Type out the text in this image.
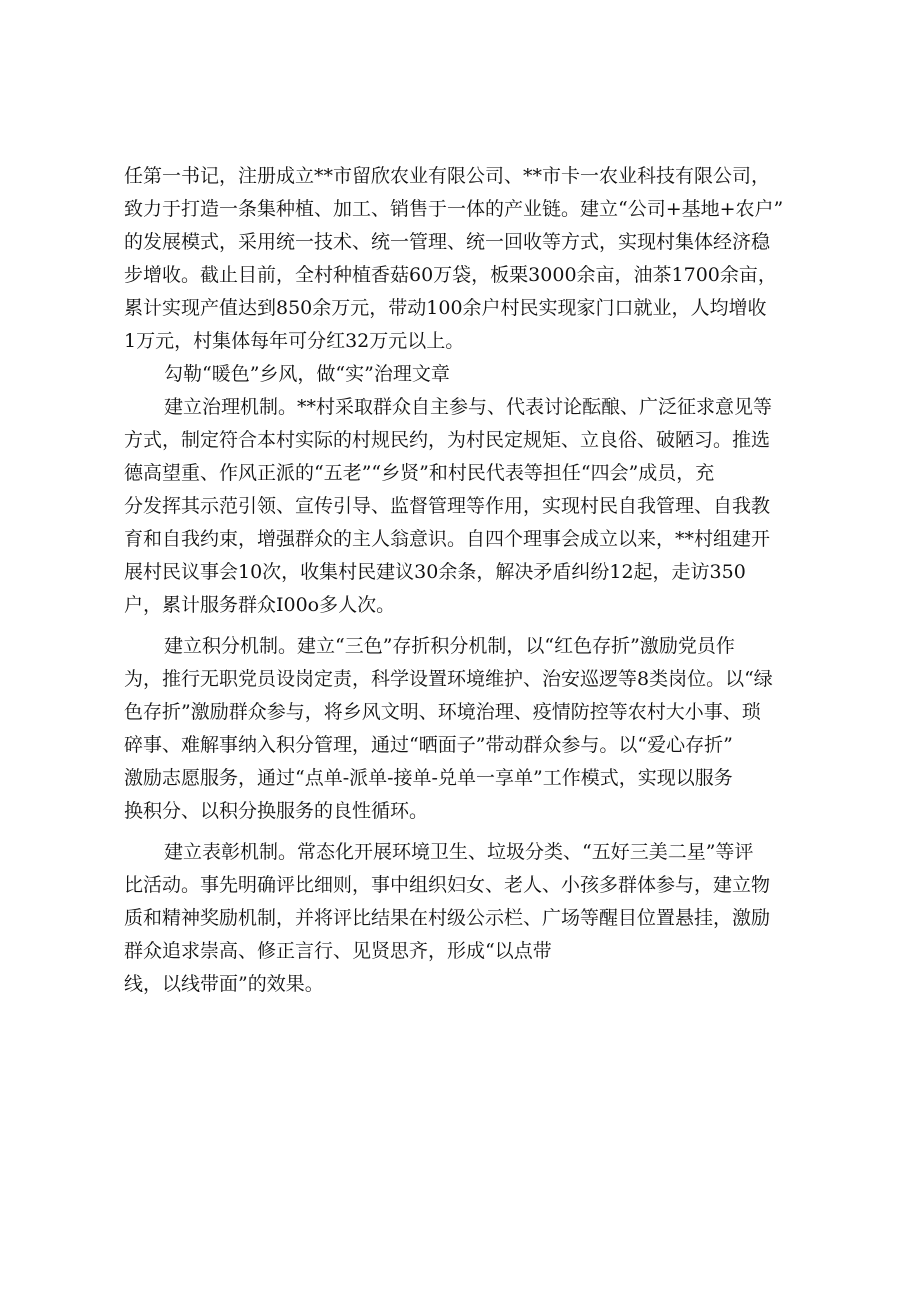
任第一书记，注册成立**市留欣农业有限公司、**市卡一农业科技有限公司，
致力于打造一条集种植、加工、销售于一体的产业链。建立“公司+基地+农户”
的发展模式，采用统一技术、统一管理、统一回收等方式，实现村集体经济稳
步增收。截止目前，全村种植香菇60万袋，板栗3000余亩，油茶1700余亩，
累计实现产值达到850余万元，带动100余户村民实现家门口就业，人均增收
1万元，村集体每年可分红32万元以上。
勾勒“暖色”乡风，做“实”治理文章
建立治理机制。**村采取群众自主参与、代表讨论酝酿、广泛征求意见等
方式，制定符合本村实际的村规民约，为村民定规矩、立良俗、破陋习。推选
德高望重、作风正派的“五老”“乡贤”和村民代表等担任“四会”成员，充
分发挥其示范引领、宣传引导、监督管理等作用，实现村民自我管理、自我教
育和自我约束，增强群众的主人翁意识。自四个理事会成立以来，**村组建开
展村民议事会10次，收集村民建议30余条，解决矛盾纠纷12起，走访350
户，累计服务群众I00o多人次。
建立积分机制。建立“三色”存折积分机制，以“红色存折”激励党员作
为，推行无职党员设岗定责，科学设置环境维护、治安巡逻等8类岗位。以“绿
色存折”激励群众参与，将乡风文明、环境治理、疫情防控等农村大小事、琐
碎事、难解事纳入积分管理，通过“晒面子”带动群众参与。以“爱心存折”
激励志愿服务，通过“点单-派单-接单-兑单一享单”工作模式，实现以服务
换积分、以积分换服务的良性循环。
建立表彰机制。常态化开展环境卫生、垃圾分类、“五好三美二星”等评
比活动。事先明确评比细则，事中组织妇女、老人、小孩多群体参与，建立物
质和精神奖励机制，并将评比结果在村级公示栏、广场等醒目位置悬挂，激励
群众追求崇高、修正言行、见贤思齐，形成“以点带
线，以线带面”的效果。
